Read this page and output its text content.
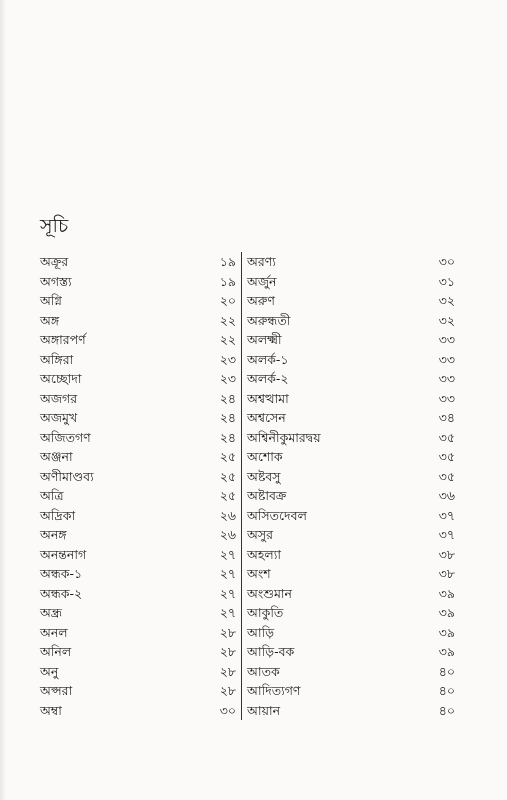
সূচি
অক্রূর	১৯
অগস্ত্য	১৯
অগ্নি	২০
অঙ্গ	২২
অঙ্গারপর্ণ	২২
অঙ্গিরা	২৩
অচ্ছোদা	২৩
অজগর	২৪
অজমুখ	২৪
অজিতগণ	২৪
অঞ্জনা	২৫
অণীমাণ্ডব্য	২৫
অত্রি	২৫
অদ্রিকা	২৬
অনঙ্গ	২৬
অনন্তনাগ	২৭
অন্ধক-১	২৭
অন্ধক-২	২৭
অন্ধ্র	২৭
অনল	২৮
অনিল	২৮
অনু	২৮
অপ্সরা	২৮
অম্বা	৩০
অরণ্য	৩০
অর্জুন	৩১
অরুণ	৩২
অরুন্ধতী	৩২
অলক্ষ্মী	৩৩
অলর্ক-১	৩৩
অলর্ক-২	৩৩
অশ্বত্থামা	৩৩
অশ্বসেন	৩৪
অশ্বিনীকুমারদ্বয়	৩৫
অশোক	৩৫
অষ্টবসু	৩৫
অষ্টাবক্র	৩৬
অসিতদেবল	৩৭
অসুর	৩৭
অহল্যা	৩৮
অংশ	৩৮
অংশুমান	৩৯
আকুতি	৩৯
আড়ি	৩৯
আড়ি-বক	৩৯
আতক	৪০
আদিত্যগণ	৪০
আয়ান	৪০
